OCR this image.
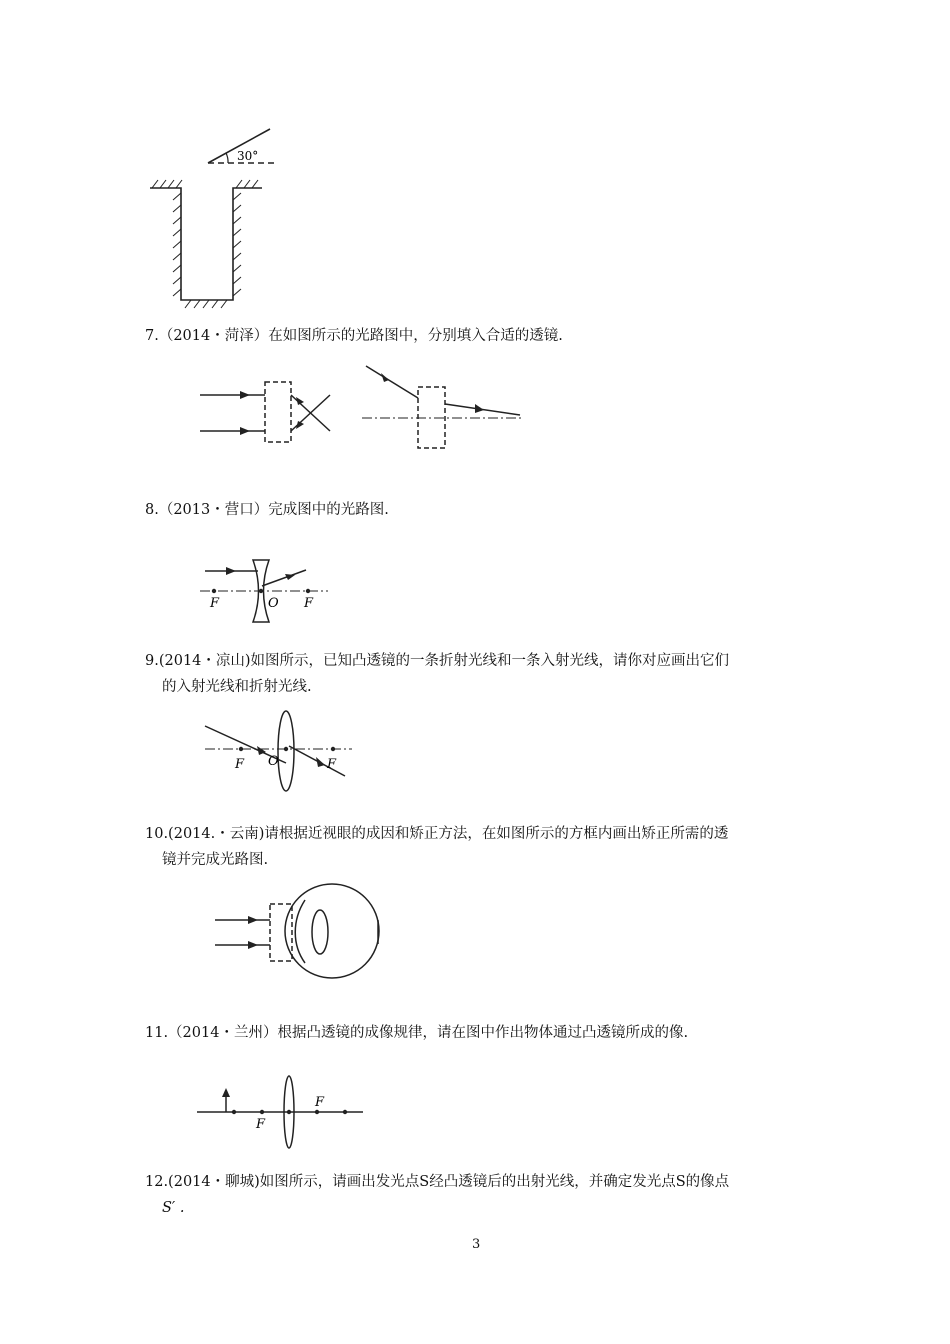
30°
7.（2014・菏泽）在如图所示的光路图中，分别填入合适的透镜.
8.（2013・营口）完成图中的光路图.
F	O F
9.(2014・凉山)如图所示，已知凸透镜的一条折射光线和一条入射光线，请你对应画出它们
的入射光线和折射光线.
F O	F
10.(2014.・云南)请根据近视眼的成因和矫正方法，在如图所示的方框内画出矫正所需的透
镜并完成光路图.
11.（2014・兰州）根据凸透镜的成像规律，请在图中作出物体通过凸透镜所成的像.
F
F
12.(2014・聊城)如图所示，请画出发光点S经凸透镜后的出射光线，并确定发光点S的像点
S′ .
3
